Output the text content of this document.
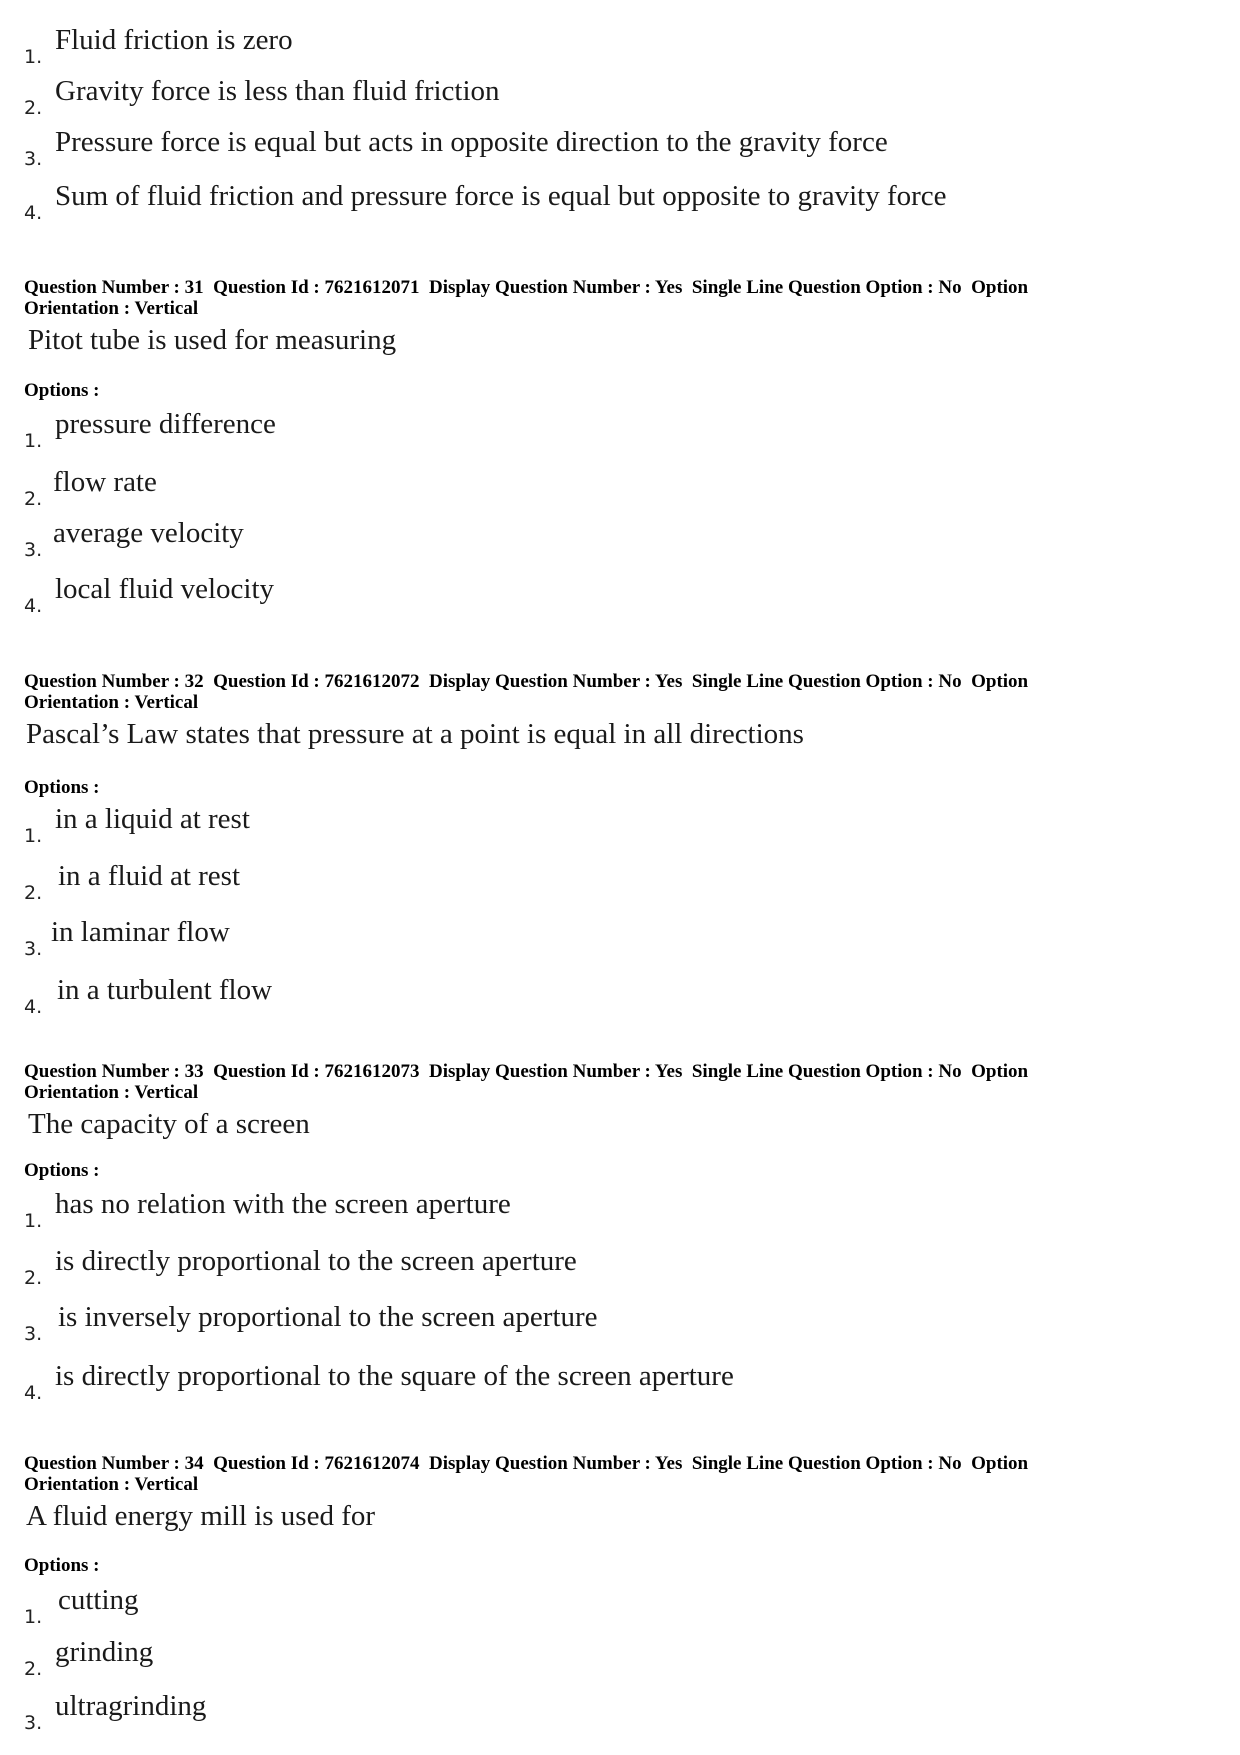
1.
Fluid friction is zero
2.
Gravity force is less than fluid friction
3.
Pressure force is equal but acts in opposite direction to the gravity force
4.
Sum of fluid friction and pressure force is equal but opposite to gravity force
Question Number : 31  Question Id : 7621612071  Display Question Number : Yes  Single Line Question Option : No  Option
Orientation : Vertical
Pitot tube is used for measuring
Options :
1.
pressure difference
2.
flow rate
3.
average velocity
4.
local fluid velocity
Question Number : 32  Question Id : 7621612072  Display Question Number : Yes  Single Line Question Option : No  Option
Orientation : Vertical
Pascal’s Law states that pressure at a point is equal in all directions
Options :
1.
in a liquid at rest
2.
in a fluid at rest
3.
in laminar flow
4.
in a turbulent flow
Question Number : 33  Question Id : 7621612073  Display Question Number : Yes  Single Line Question Option : No  Option
Orientation : Vertical
The capacity of a screen
Options :
1.
has no relation with the screen aperture
2.
is directly proportional to the screen aperture
3.
is inversely proportional to the screen aperture
4.
is directly proportional to the square of the screen aperture
Question Number : 34  Question Id : 7621612074  Display Question Number : Yes  Single Line Question Option : No  Option
Orientation : Vertical
A fluid energy mill is used for
Options :
1.
cutting
2.
grinding
3.
ultragrinding
